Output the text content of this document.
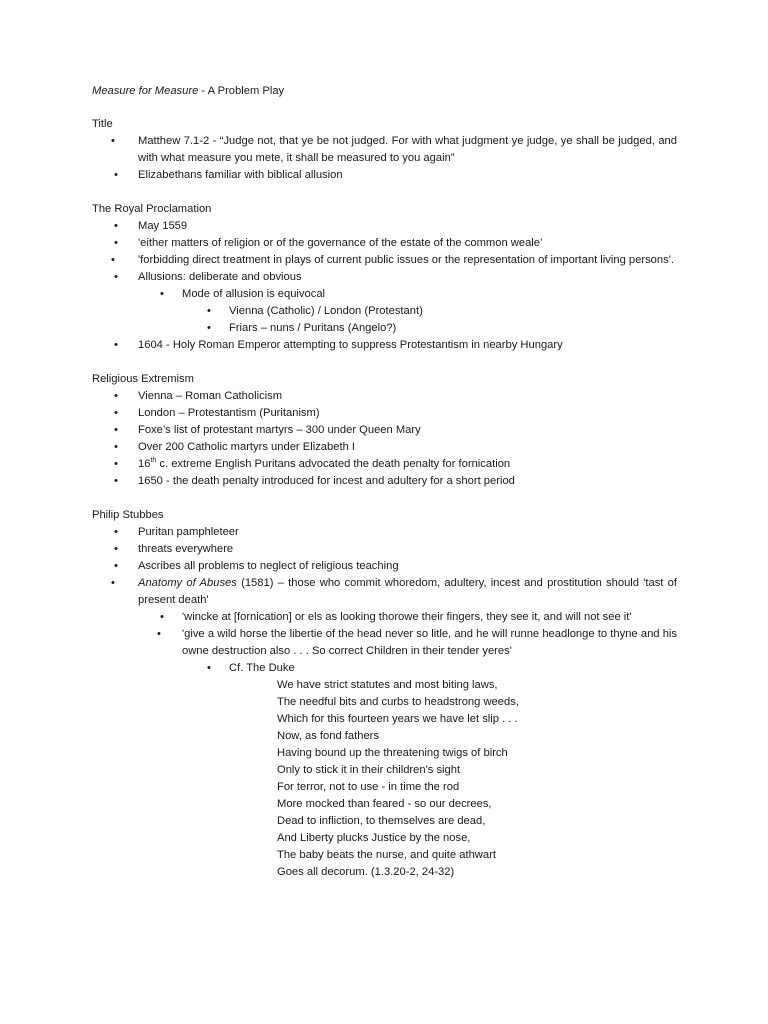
Measure for Measure - A Problem Play
Title
•	Matthew 7.1-2 - “Judge not, that ye be not judged. For with what judgment ye judge, ye shall be judged, and with what measure you mete, it shall be measured to you again”
• Elizabethans familiar with biblical allusion
The Royal Proclamation
• May 1559
• 'either matters of religion or of the governance of the estate of the common weale’
•	'forbidding direct treatment in plays of current public issues or the representation of important living persons'.
• Allusions: deliberate and obvious
• Mode of allusion is equivocal
• Vienna (Catholic) / London (Protestant)
• Friars – nuns / Puritans (Angelo?)
• 1604 - Holy Roman Emperor attempting to suppress Protestantism in nearby Hungary
Religious Extremism
• Vienna – Roman Catholicism
• London – Protestantism (Puritanism)
• Foxe’s list of protestant martyrs – 300 under Queen Mary
• Over 200 Catholic martyrs under Elizabeth I
• 16th c. extreme English Puritans advocated the death penalty for fornication
• 1650 - the death penalty introduced for incest and adultery for a short period
Philip Stubbes
• Puritan pamphleteer
• threats everywhere
• Ascribes all problems to neglect of religious teaching
•	Anatomy of Abuses (1581) – those who commit whoredom, adultery, incest and prostitution should 'tast of present death'
• 'wincke at [fornication] or els as looking thorowe their fingers, they see it, and will not see it'
•	'give a wild horse the libertie of the head never so litle, and he will runne headlonge to thyne and his owne destruction also . . . So correct Children in their tender yeres'
• Cf. The Duke
We have strict statutes and most biting laws,
The needful bits and curbs to headstrong weeds,
Which for this fourteen years we have let slip . . .
Now, as fond fathers
Having bound up the threatening twigs of birch
Only to stick it in their children's sight
For terror, not to use - in time the rod
More mocked than feared - so our decrees,
Dead to infliction, to themselves are dead,
And Liberty plucks Justice by the nose,
The baby beats the nurse, and quite athwart
Goes all decorum. (1.3.20-2, 24-32)
